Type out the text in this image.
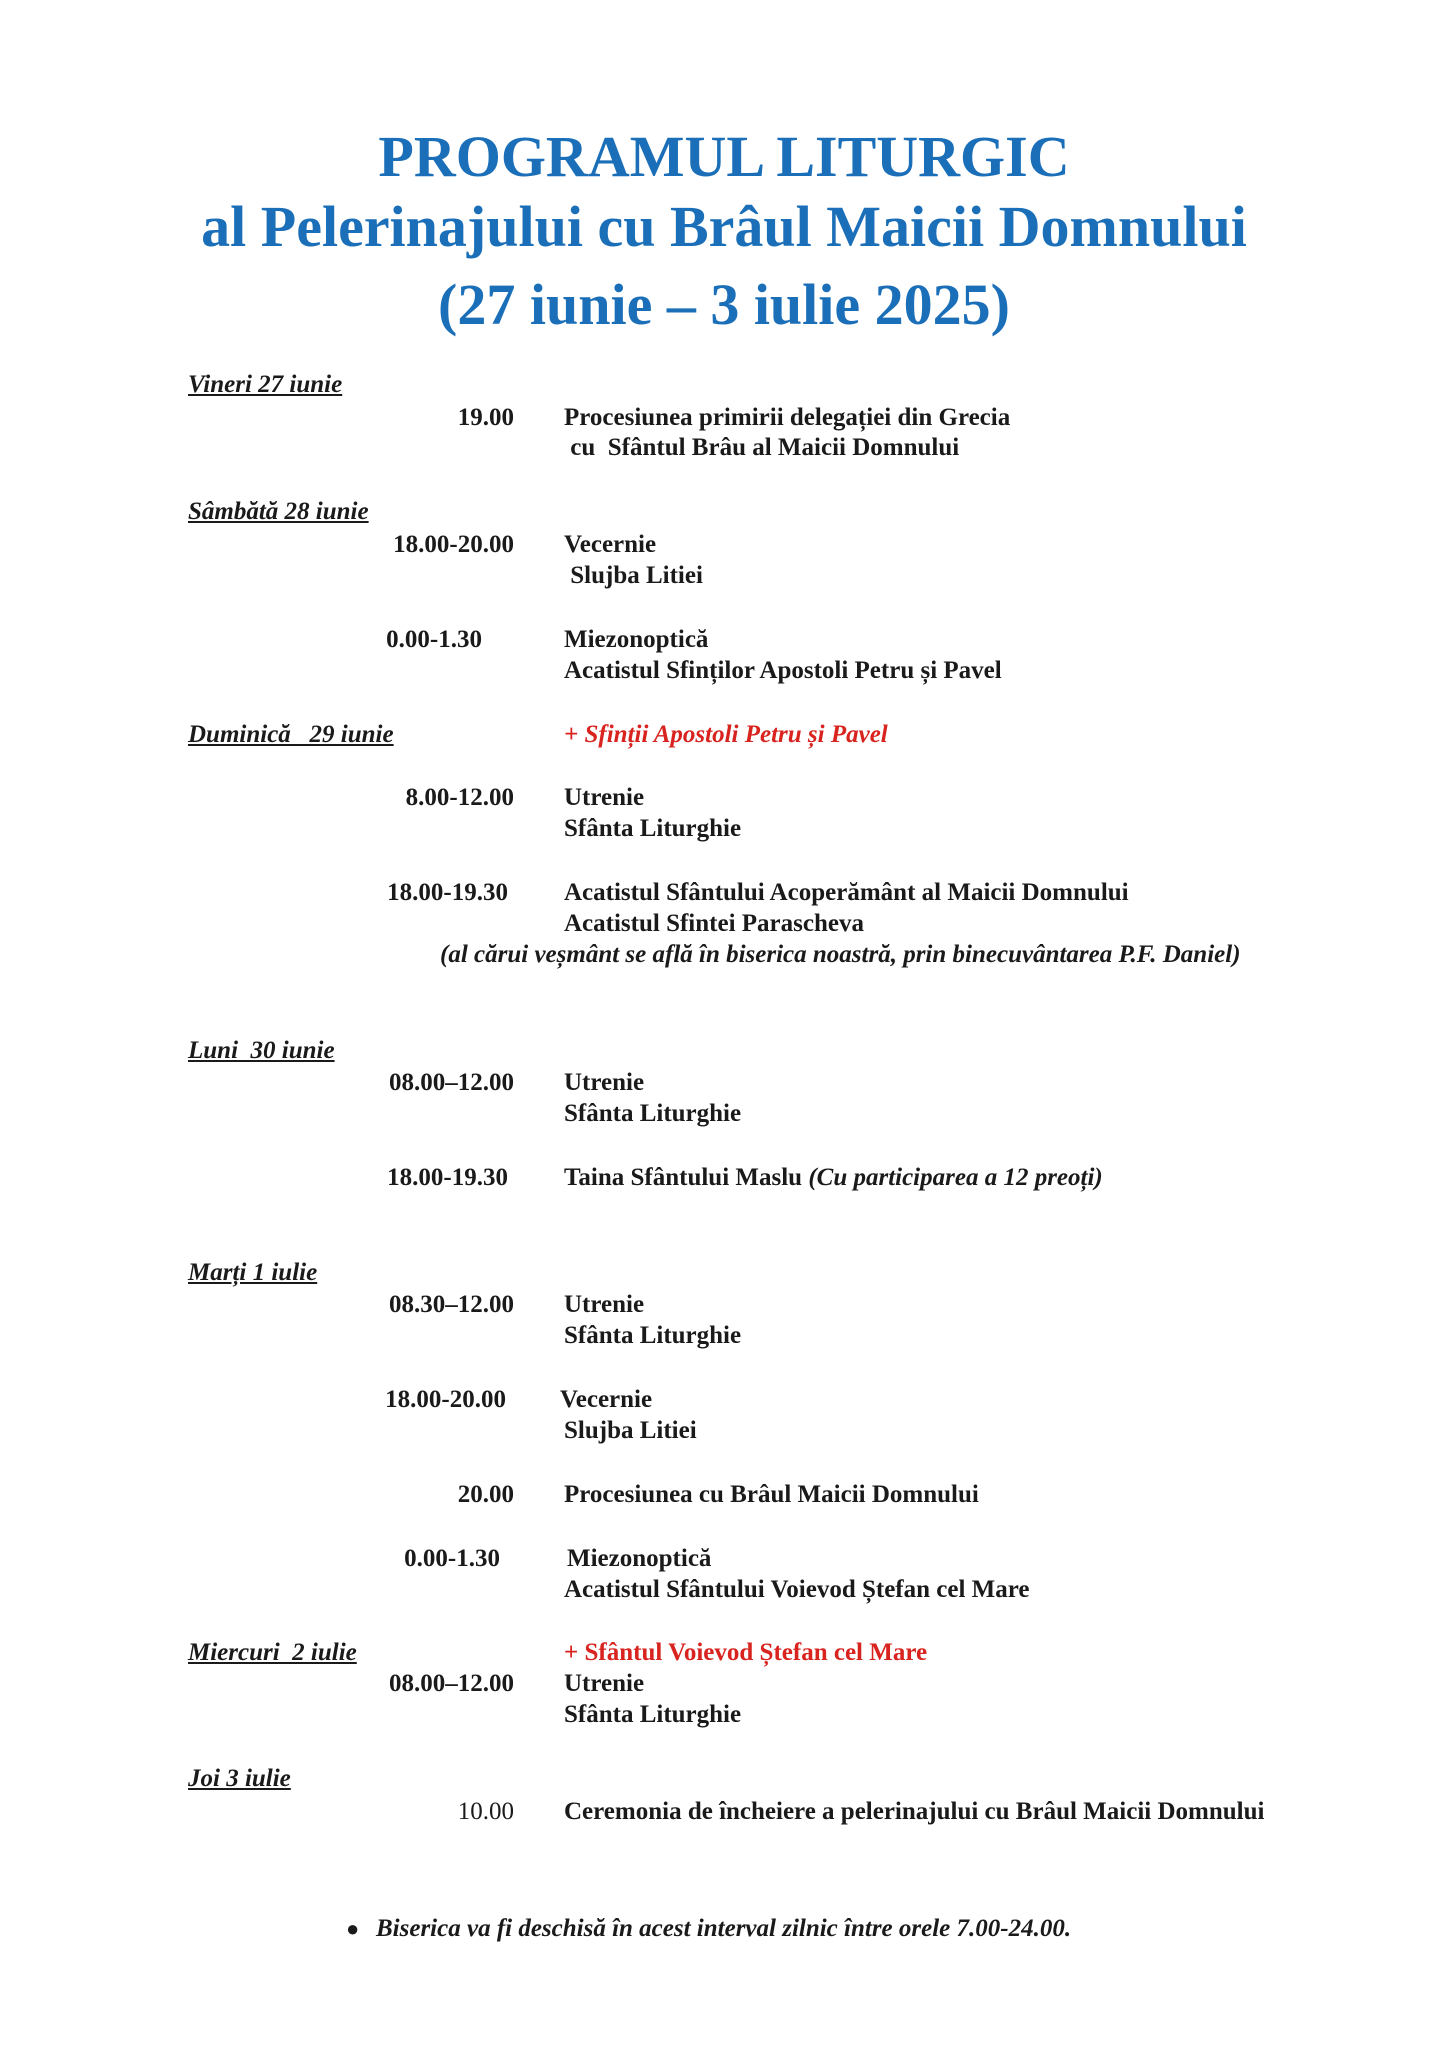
PROGRAMUL LITURGIC
al Pelerinajului cu Brâul Maicii Domnului
(27 iunie – 3 iulie 2025)
Vineri 27 iunie
19.00 Procesiunea primirii delegației din Grecia
cu  Sfântul Brâu al Maicii Domnului
Sâmbătă 28 iunie
18.00-20.00 Vecernie
Slujba Litiei
0.00-1.30	Miezonoptică
Acatistul Sfinților Apostoli Petru și Pavel
Duminică   29 iunie	+ Sfinții Apostoli Petru și Pavel
8.00-12.00 Utrenie
Sfânta Liturghie
18.00-19.30 Acatistul Sfântului Acoperământ al Maicii Domnului
Acatistul Sfintei Parascheva
(al cărui veșmânt se află în biserica noastră, prin binecuvântarea P.F. Daniel)
Luni  30 iunie
08.00–12.00 Utrenie
Sfânta Liturghie
18.00-19.30 Taina Sfântului Maslu (Cu participarea a 12 preoți)
Marți 1 iulie
08.30–12.00 Utrenie
Sfânta Liturghie
18.00-20.00 Vecernie
Slujba Litiei
20.00 Procesiunea cu Brâul Maicii Domnului
0.00-1.30	Miezonoptică
Acatistul Sfântului Voievod Ștefan cel Mare
Miercuri  2 iulie	+ Sfântul Voievod Ștefan cel Mare
08.00–12.00 Utrenie
Sfânta Liturghie
Joi 3 iulie
10.00 Ceremonia de încheiere a pelerinajului cu Brâul Maicii Domnului
● Biserica va fi deschisă în acest interval zilnic între orele 7.00-24.00.
